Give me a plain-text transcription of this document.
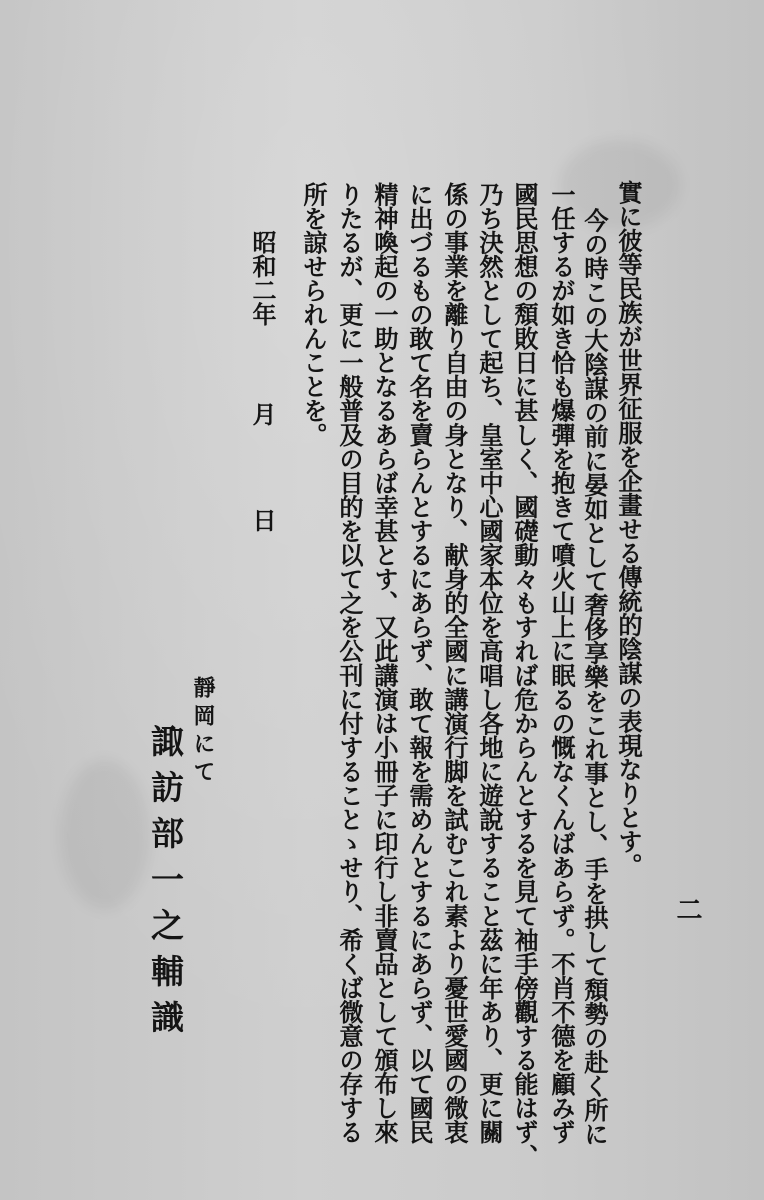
二
實に彼等民族が世界征服を企畫せる傳統的陰謀の表現なりとす。
今の時この大陰謀の前に晏如として奢侈享樂をこれ事とし、手を拱して頽勢の赴く所に
一任するが如き恰も爆彈を抱きて噴火山上に眠るの慨なくんばあらず。不肖不德を顧みず
國民思想の頽敗日に甚しく、國礎動々もすれば危からんとするを見て袖手傍觀する能はず、
乃ち決然として起ち、皇室中心國家本位を高唱し各地に遊說すること茲に年あり、更に關
係の事業を離り自由の身となり、献身的全國に講演行脚を試むこれ素より憂世愛國の微衷
に出づるもの敢て名を賣らんとするにあらず、敢て報を需めんとするにあらず、以て國民
精神喚起の一助となるあらば幸甚とす、又此講演は小冊子に印行し非賣品として頒布し來
りたるが、更に一般普及の目的を以て之を公刊に付することゝせり、希くば微意の存する
所を諒せられんことを。
昭和二年
月
日
靜岡にて
諏訪部一之輔識
